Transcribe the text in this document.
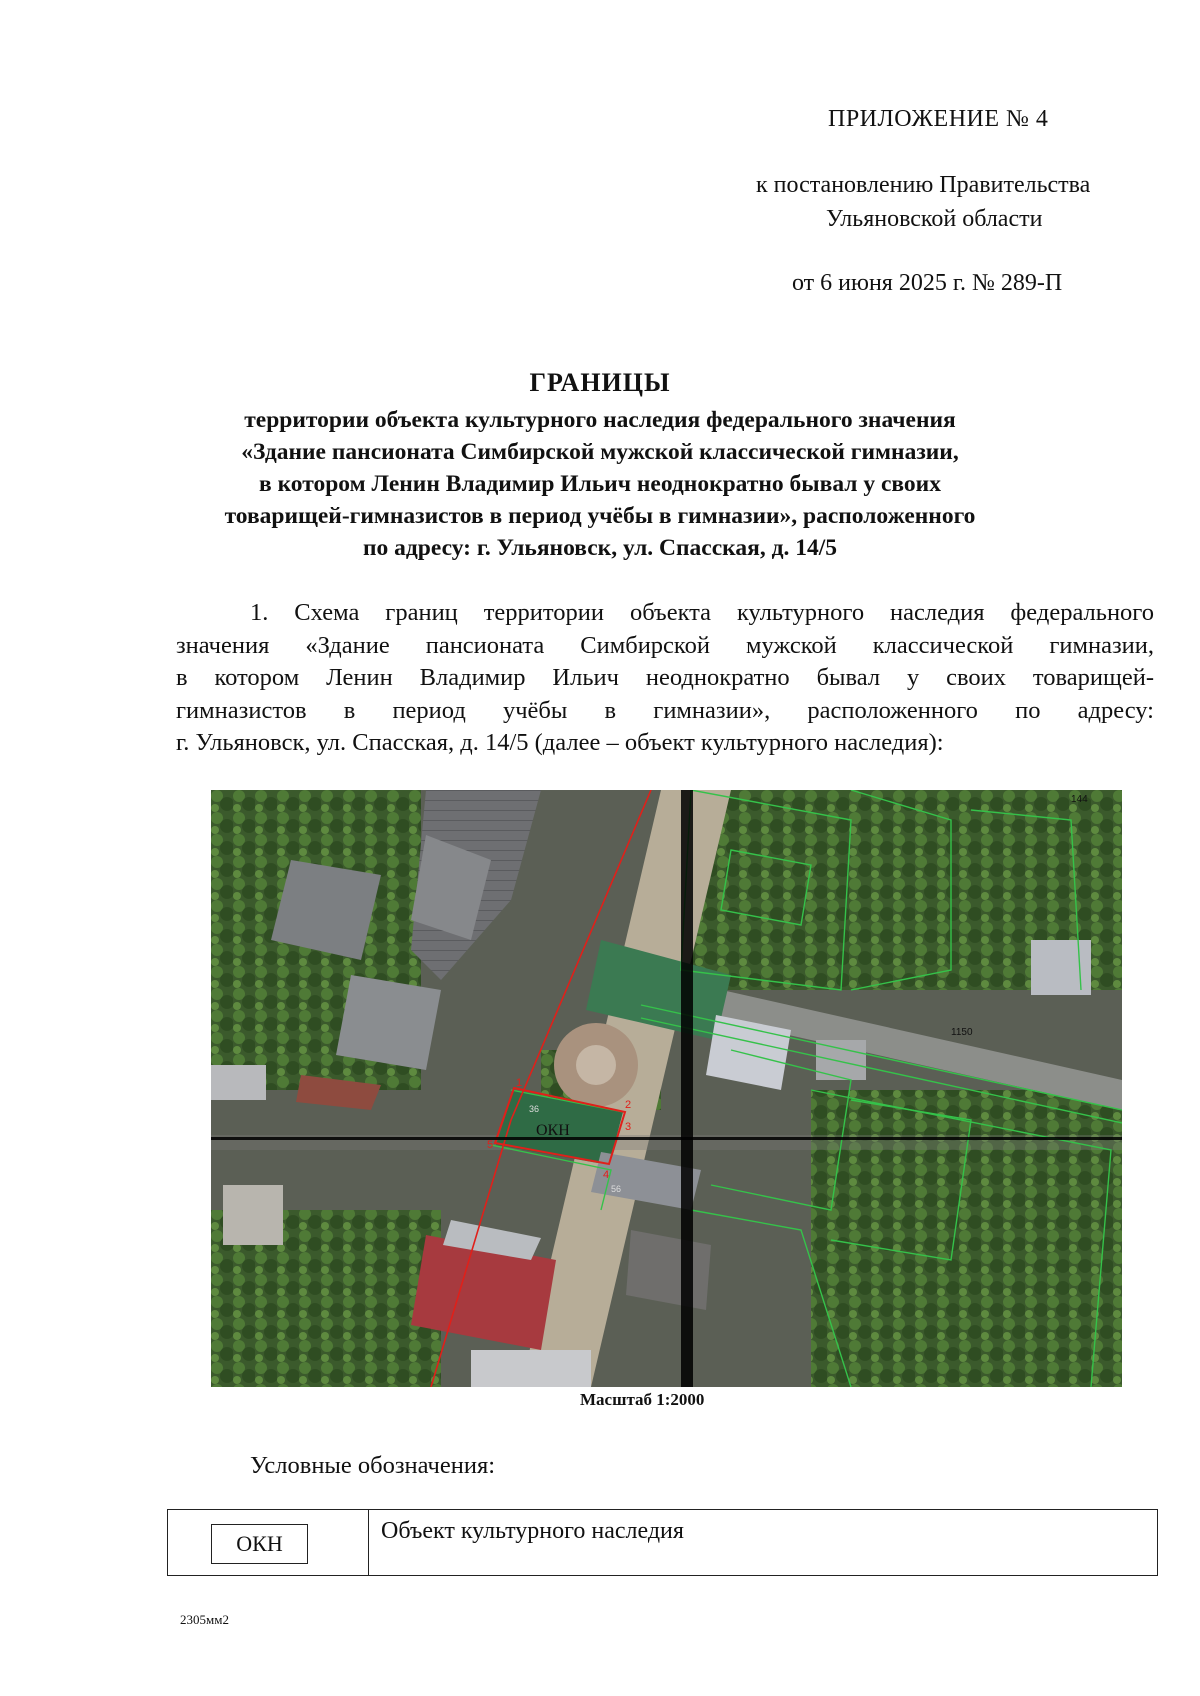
ПРИЛОЖЕНИЕ № 4
к постановлению Правительства
Ульяновской области
от 6 июня 2025 г. № 289-П
ГРАНИЦЫ
территории объекта культурного наследия федерального значения
«Здание пансионата Симбирской мужской классической гимназии,
в котором Ленин Владимир Ильич неоднократно бывал у своих
товарищей-гимназистов в период учёбы в гимназии», расположенного
по адресу: г. Ульяновск, ул. Спасская, д. 14/5
1. Схема границ территории объекта культурного наследия федерального
значения «Здание пансионата Симбирской мужской классической гимназии,
в котором Ленин Владимир Ильич неоднократно бывал у своих товарищей-
гимназистов в период учёбы в гимназии», расположенного по адресу:
г. Ульяновск, ул. Спасская, д. 14/5 (далее – объект культурного наследия):
ОКН
1
2
3
4
5
144
1150
56
36
Масштаб 1:2000
Условные обозначения:
ОКН	Объект культурного наследия
2305мм2
